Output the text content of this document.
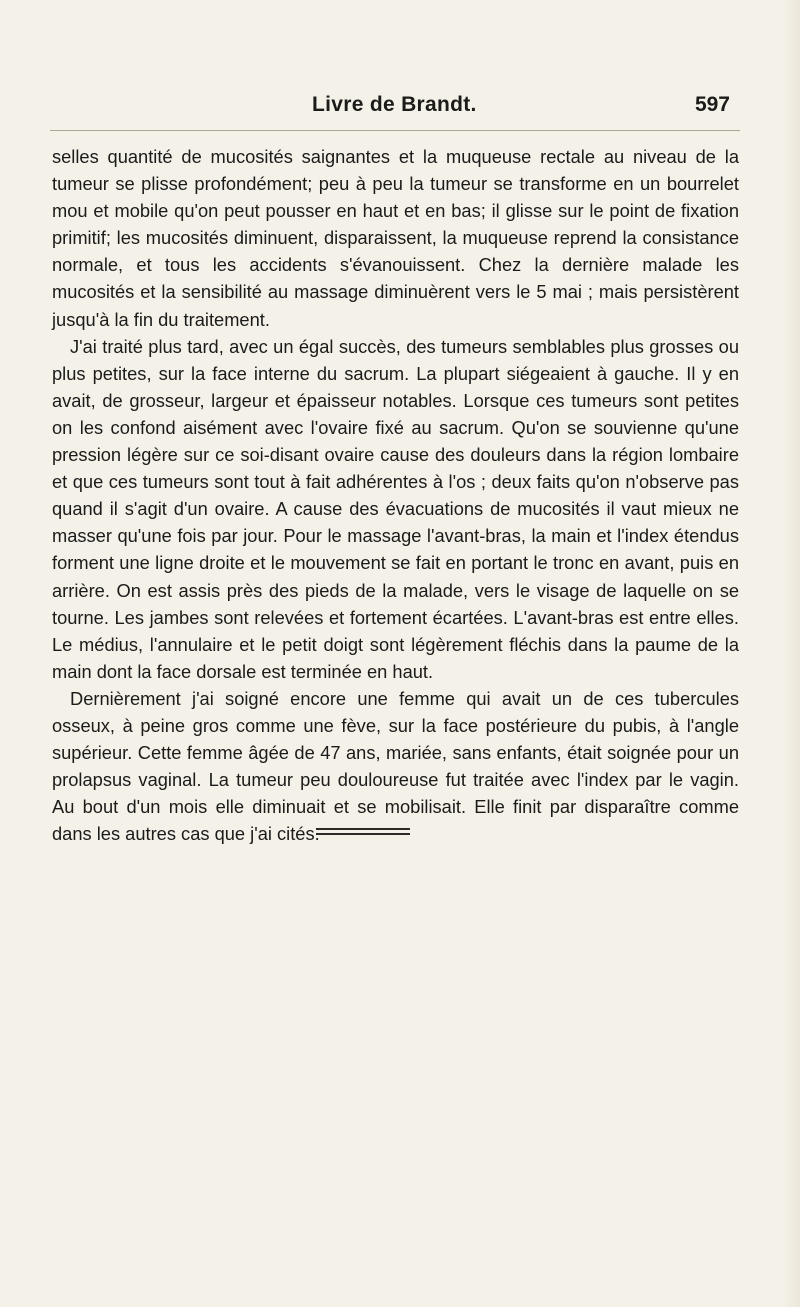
Livre de Brandt.	597

selles quantité de mucosités saignantes et la muqueuse rectale au niveau de la tumeur se plisse profondément; peu à peu la tumeur se transforme en un bourrelet mou et mobile qu'on peut pousser en haut et en bas; il glisse sur le point de fixation primitif; les mucosités diminuent, disparaissent, la muqueuse reprend la consistance normale, et tous les accidents s'évanouissent. Chez la dernière malade les mucosités et la sensibilité au massage diminuèrent vers le 5 mai ; mais persistèrent jusqu'à la fin du traitement.

J'ai traité plus tard, avec un égal succès, des tumeurs semblables plus grosses ou plus petites, sur la face interne du sacrum. La plupart siégeaient à gauche. Il y en avait, de grosseur, largeur et épaisseur notables. Lorsque ces tumeurs sont petites on les confond aisément avec l'ovaire fixé au sacrum. Qu'on se souvienne qu'une pression légère sur ce soi-disant ovaire cause des douleurs dans la région lombaire et que ces tumeurs sont tout à fait adhérentes à l'os ; deux faits qu'on n'observe pas quand il s'agit d'un ovaire. A cause des évacuations de mucosités il vaut mieux ne masser qu'une fois par jour. Pour le massage l'avant-bras, la main et l'index étendus forment une ligne droite et le mouvement se fait en portant le tronc en avant, puis en arrière. On est assis près des pieds de la malade, vers le visage de laquelle on se tourne. Les jambes sont relevées et fortement écartées. L'avant-bras est entre elles. Le médius, l'annulaire et le petit doigt sont légèrement fléchis dans la paume de la main dont la face dorsale est terminée en haut.

Dernièrement j'ai soigné encore une femme qui avait un de ces tubercules osseux, à peine gros comme une fève, sur la face postérieure du pubis, à l'angle supérieur. Cette femme âgée de 47 ans, mariée, sans enfants, était soignée pour un prolapsus vaginal. La tumeur peu douloureuse fut traitée avec l'index par le vagin. Au bout d'un mois elle diminuait et se mobilisait. Elle finit par disparaître comme dans les autres cas que j'ai cités.
